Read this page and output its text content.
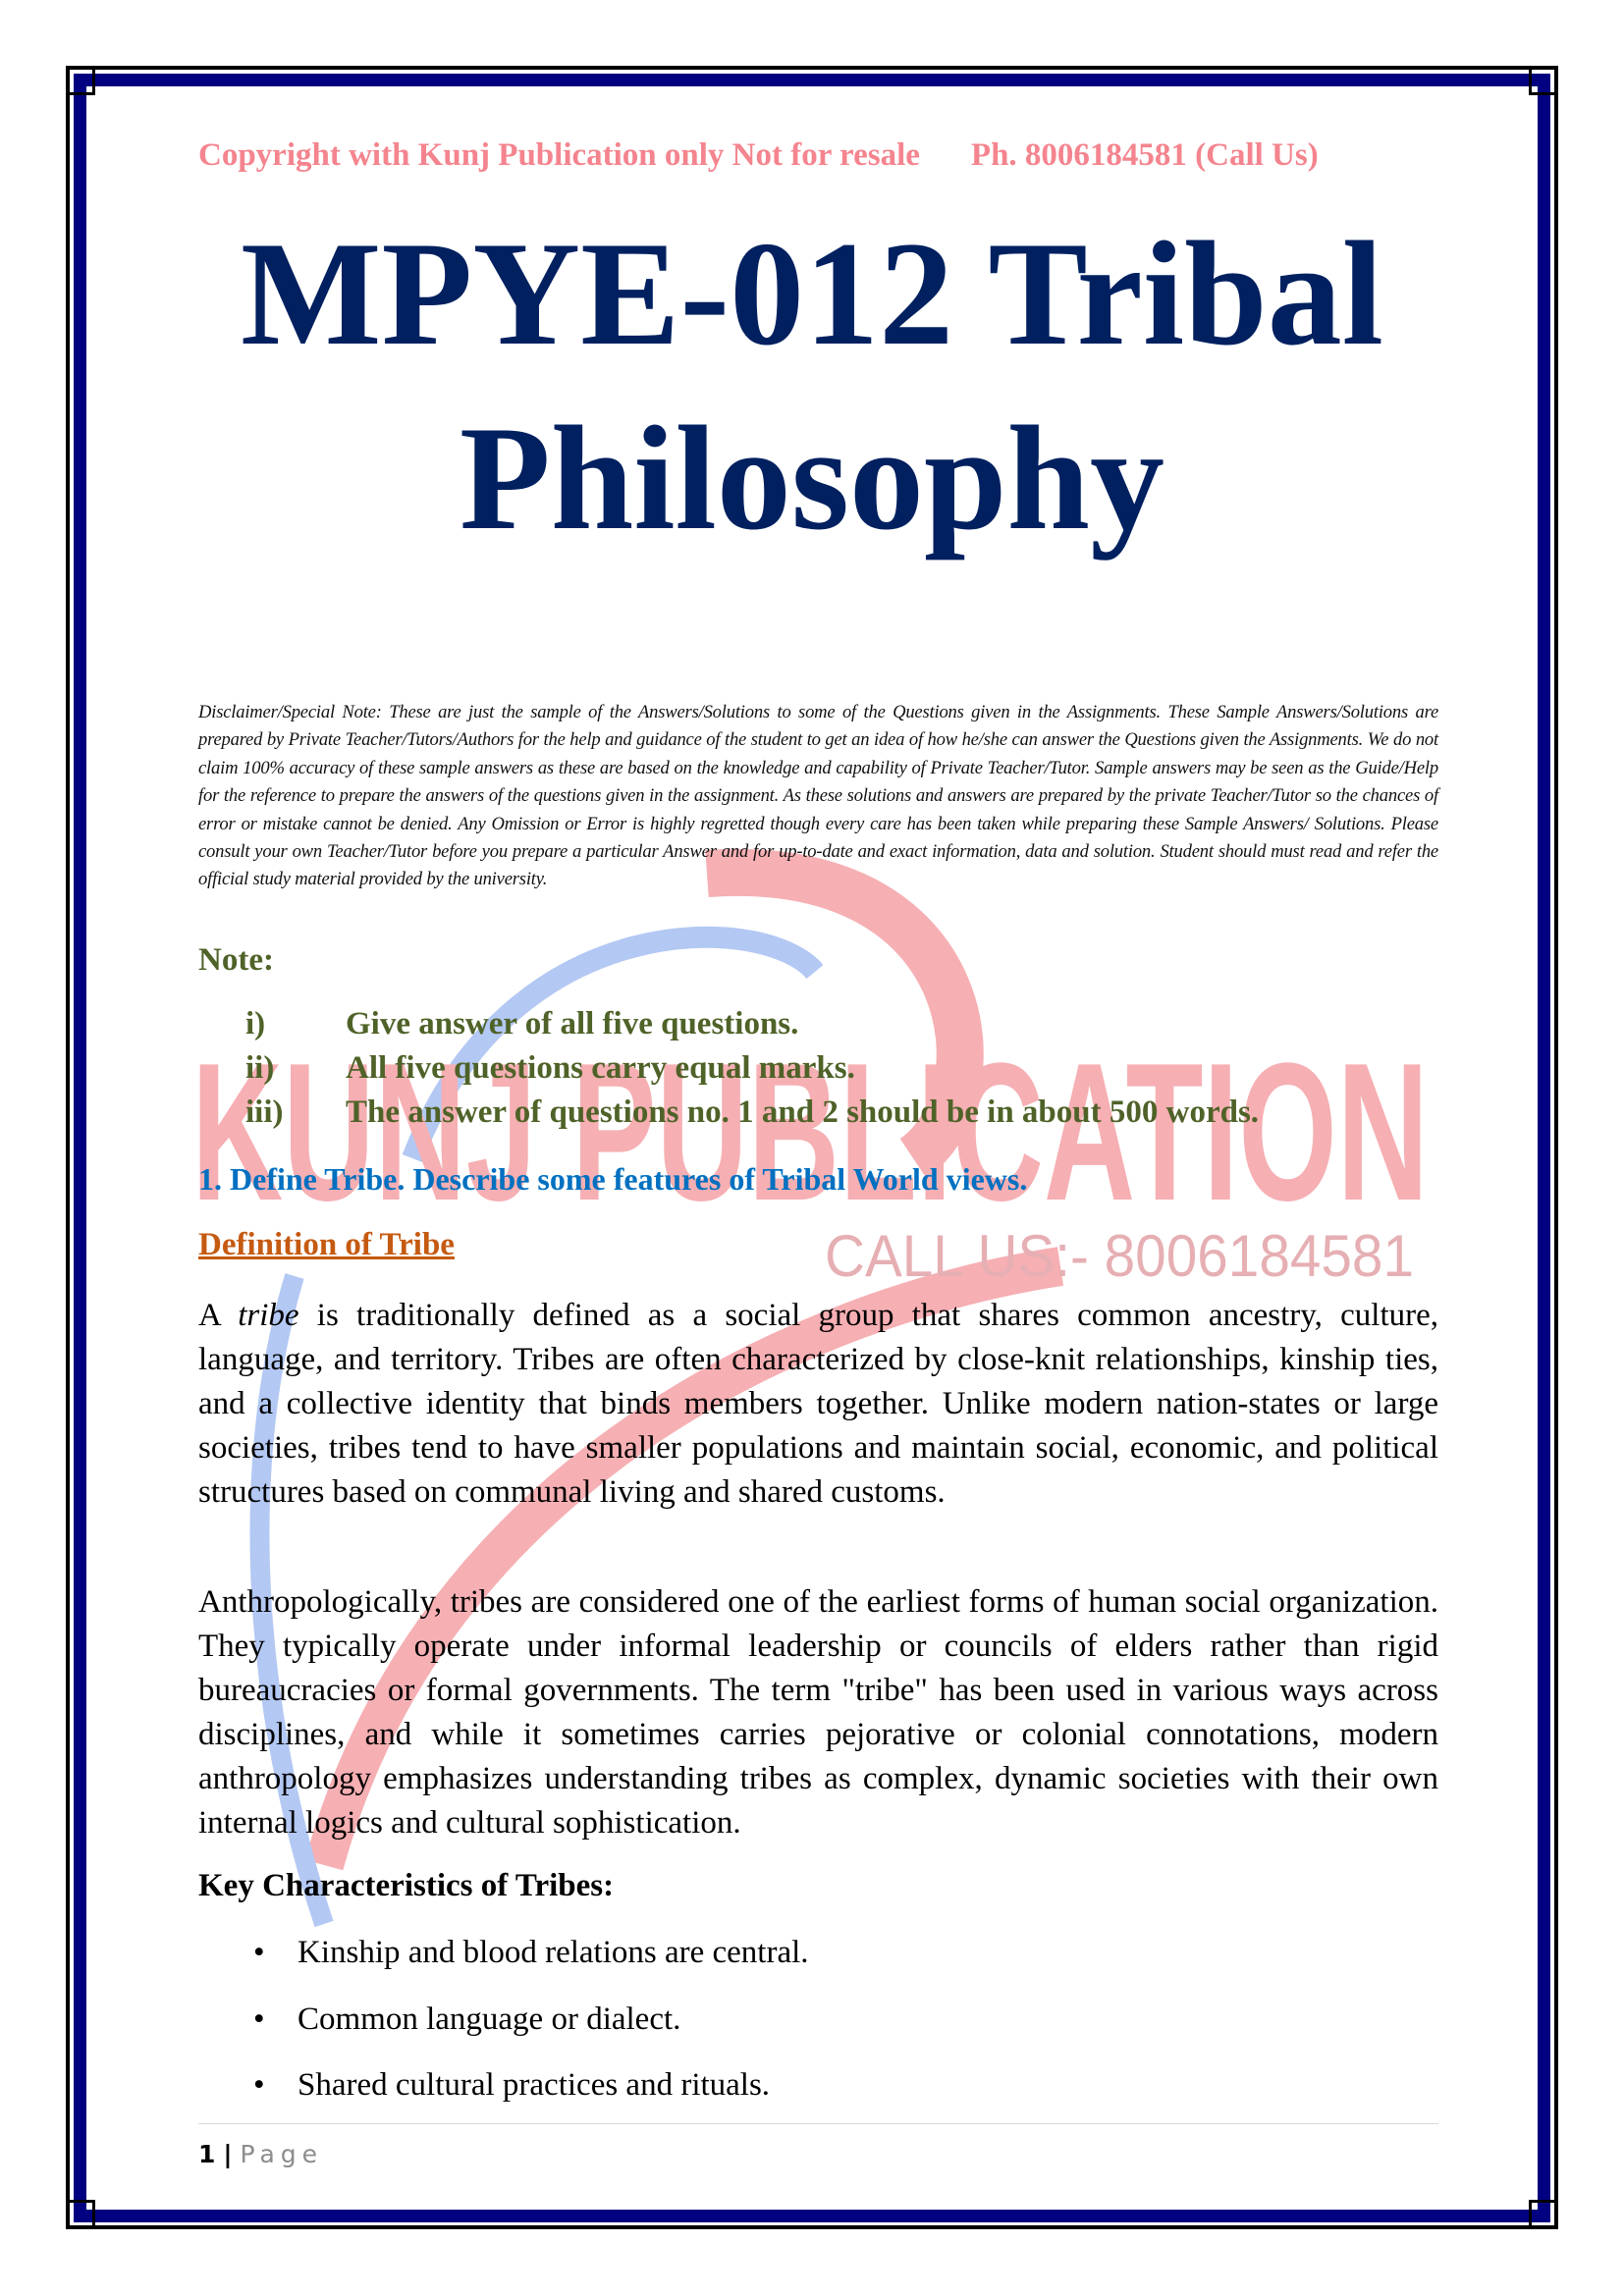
KUNJ PUBLICATION
CALL US:- 8006184581
Copyright with Kunj Publication only Not for resale Ph. 8006184581 (Call Us)
MPYE-012 Tribal
Philosophy
Disclaimer/Special Note: These are just the sample of the Answers/Solutions to some of the Questions given in the Assignments. These Sample Answers/Solutions are prepared by Private Teacher/Tutors/Authors for the help and guidance of the student to get an idea of how he/she can answer the Questions given the Assignments. We do not claim 100% accuracy of these sample answers as these are based on the knowledge and capability of Private Teacher/Tutor. Sample answers may be seen as the Guide/Help for the reference to prepare the answers of the questions given in the assignment. As these solutions and answers are prepared by the private Teacher/Tutor so the chances of error or mistake cannot be denied. Any Omission or Error is highly regretted though every care has been taken while preparing these Sample Answers/ Solutions. Please consult your own Teacher/Tutor before you prepare a particular Answer and for up-to-date and exact information, data and solution. Student should must read and refer the official study material provided by the university.
Note:
i) Give answer of all five questions.
ii) All five questions carry equal marks.
iii) The answer of questions no. 1 and 2 should be in about 500 words.
1. Define Tribe. Describe some features of Tribal World views.
Definition of Tribe
A tribe is traditionally defined as a social group that shares common ancestry, culture, language, and territory. Tribes are often characterized by close-knit relationships, kinship ties, and a collective identity that binds members together. Unlike modern nation-states or large societies, tribes tend to have smaller populations and maintain social, economic, and political structures based on communal living and shared customs.
Anthropologically, tribes are considered one of the earliest forms of human social organization. They typically operate under informal leadership or councils of elders rather than rigid bureaucracies or formal governments. The term "tribe" has been used in various ways across disciplines, and while it sometimes carries pejorative or colonial connotations, modern anthropology emphasizes understanding tribes as complex, dynamic societies with their own internal logics and cultural sophistication.
Key Characteristics of Tribes:
• Kinship and blood relations are central.
• Common language or dialect.
• Shared cultural practices and rituals.
1 | Page
